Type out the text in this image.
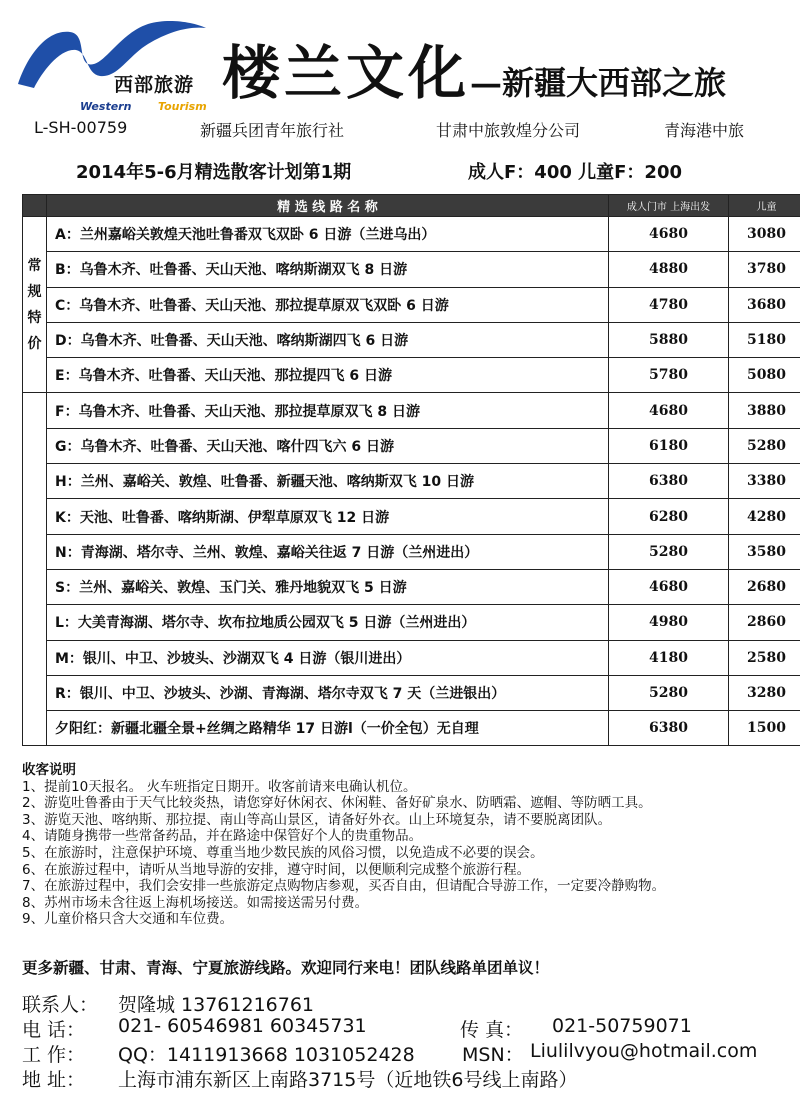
西部旅游
Western Tourism 楼兰文化 —新疆大西部之旅
L-SH-00759	新疆兵团青年旅行社	甘肃中旅敦煌分公司	青海港中旅
2014年5-6月精选散客计划第1期	成人F：400 儿童F：200
	精 选 线 路 名 称	成人门市 上海出发	儿童
常
规
特
价	A：兰州嘉峪关敦煌天池吐鲁番双飞双卧 6 日游（兰进乌出）	4680	3080
	B：乌鲁木齐、吐鲁番、天山天池、喀纳斯湖双飞 8 日游	4880	3780
	C：乌鲁木齐、吐鲁番、天山天池、那拉提草原双飞双卧 6 日游	4780	3680
	D：乌鲁木齐、吐鲁番、天山天池、喀纳斯湖四飞 6 日游	5880	5180
	E：乌鲁木齐、吐鲁番、天山天池、那拉提四飞 6 日游	5780	5080
	F：乌鲁木齐、吐鲁番、天山天池、那拉提草原双飞 8 日游	4680	3880
	G：乌鲁木齐、吐鲁番、天山天池、喀什四飞六 6 日游	6180	5280
	H：兰州、嘉峪关、敦煌、吐鲁番、新疆天池、喀纳斯双飞 10 日游	6380	3380
	K：天池、吐鲁番、喀纳斯湖、伊犁草原双飞 12 日游	6280	4280
	N：青海湖、塔尔寺、兰州、敦煌、嘉峪关往返 7 日游（兰州进出）	5280	3580
	S：兰州、嘉峪关、敦煌、玉门关、雅丹地貌双飞 5 日游	4680	2680
	L：大美青海湖、塔尔寺、坎布拉地质公园双飞 5 日游（兰州进出）	4980	2860
	M：银川、中卫、沙坡头、沙湖双飞 4 日游（银川进出）	4180	2580
	R：银川、中卫、沙坡头、沙湖、青海湖、塔尔寺双飞 7 天（兰进银出）	5280	3280
	夕阳红：新疆北疆全景+丝绸之路精华 17 日游l（一价全包）无自理	6380	1500
收客说明
1、提前10天报名。 火车班指定日期开。收客前请来电确认机位。
2、游览吐鲁番由于天气比较炎热，请您穿好休闲衣、休闲鞋、备好矿泉水、防晒霜、遮帽、等防晒工具。
3、游览天池、喀纳斯、那拉提、南山等高山景区，请备好外衣。山上环境复杂，请不要脱离团队。
4、请随身携带一些常备药品，并在路途中保管好个人的贵重物品。
5、在旅游时，注意保护环境、尊重当地少数民族的风俗习惯，以免造成不必要的误会。
6、在旅游过程中，请听从当地导游的安排，遵守时间，以便顺利完成整个旅游行程。
7、在旅游过程中，我们会安排一些旅游定点购物店参观，买否自由，但请配合导游工作，一定要冷静购物。
8、苏州市场未含往返上海机场接送。如需接送需另付费。
9、儿童价格只含大交通和车位费。
更多新疆、甘肃、青海、宁夏旅游线路。欢迎同行来电！团队线路单团单议！
联系人： 贺隆城 13761216761
电 话： 021- 60546981 60345731	传 真： 021-50759071
工 作： QQ：1411913668 1031052428 MSN： Liulilvyou@hotmail.com
地 址： 上海市浦东新区上南路3715号（近地铁6号线上南路）
